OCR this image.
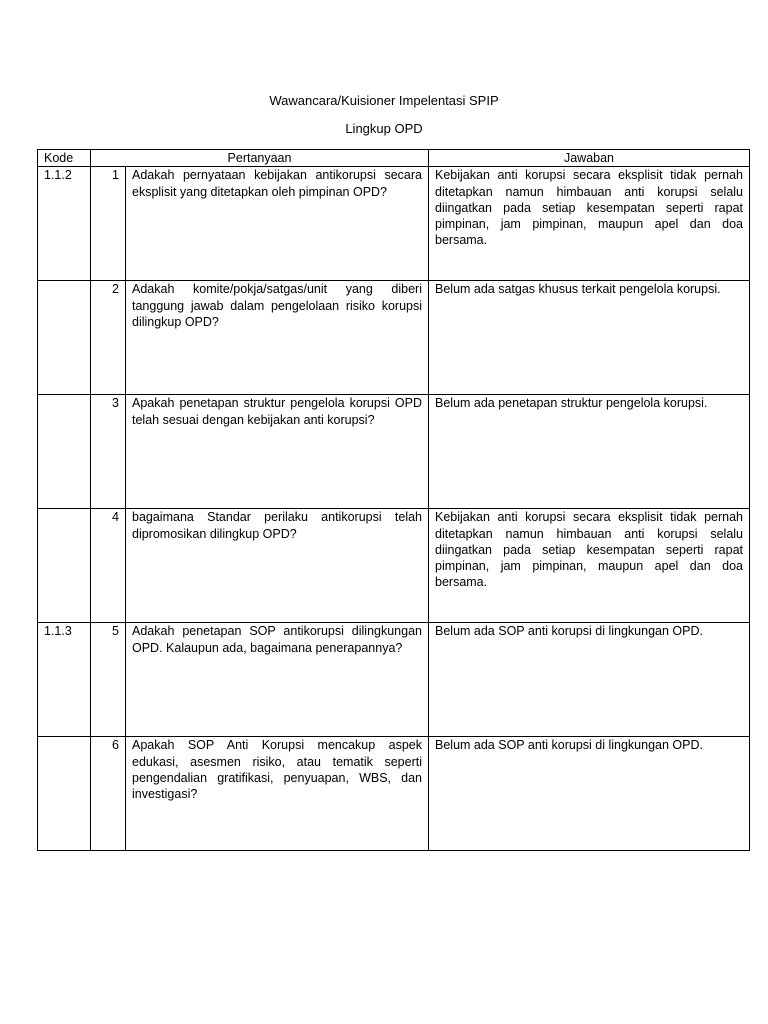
Wawancara/Kuisioner Impelentasi SPIP
Lingkup OPD
Kode	Pertanyaan		Jawaban
1.1.2	1	Adakah pernyataan kebijakan antikorupsi secara eksplisit yang ditetapkan oleh pimpinan OPD?	Kebijakan anti korupsi secara eksplisit tidak pernah ditetapkan namun himbauan anti korupsi selalu diingatkan pada setiap kesempatan seperti rapat pimpinan, jam pimpinan, maupun apel dan doa bersama.
	2	Adakah komite/pokja/satgas/unit yang diberi tanggung jawab dalam pengelolaan risiko korupsi dilingkup OPD?	Belum ada satgas khusus terkait pengelola korupsi.
	3	Apakah penetapan struktur pengelola korupsi OPD telah sesuai dengan kebijakan anti korupsi?	Belum ada penetapan struktur pengelola korupsi.
	4	bagaimana Standar perilaku antikorupsi telah dipromosikan dilingkup OPD?	Kebijakan anti korupsi secara eksplisit tidak pernah ditetapkan namun himbauan anti korupsi selalu diingatkan pada setiap kesempatan seperti rapat pimpinan, jam pimpinan, maupun apel dan doa bersama.
1.1.3	5	Adakah penetapan SOP antikorupsi dilingkungan OPD. Kalaupun ada, bagaimana penerapannya?	Belum ada SOP anti korupsi di lingkungan OPD.
	6	Apakah SOP Anti Korupsi mencakup aspek edukasi, asesmen risiko, atau tematik seperti pengendalian gratifikasi, penyuapan, WBS, dan investigasi?	Belum ada SOP anti korupsi di lingkungan OPD.
